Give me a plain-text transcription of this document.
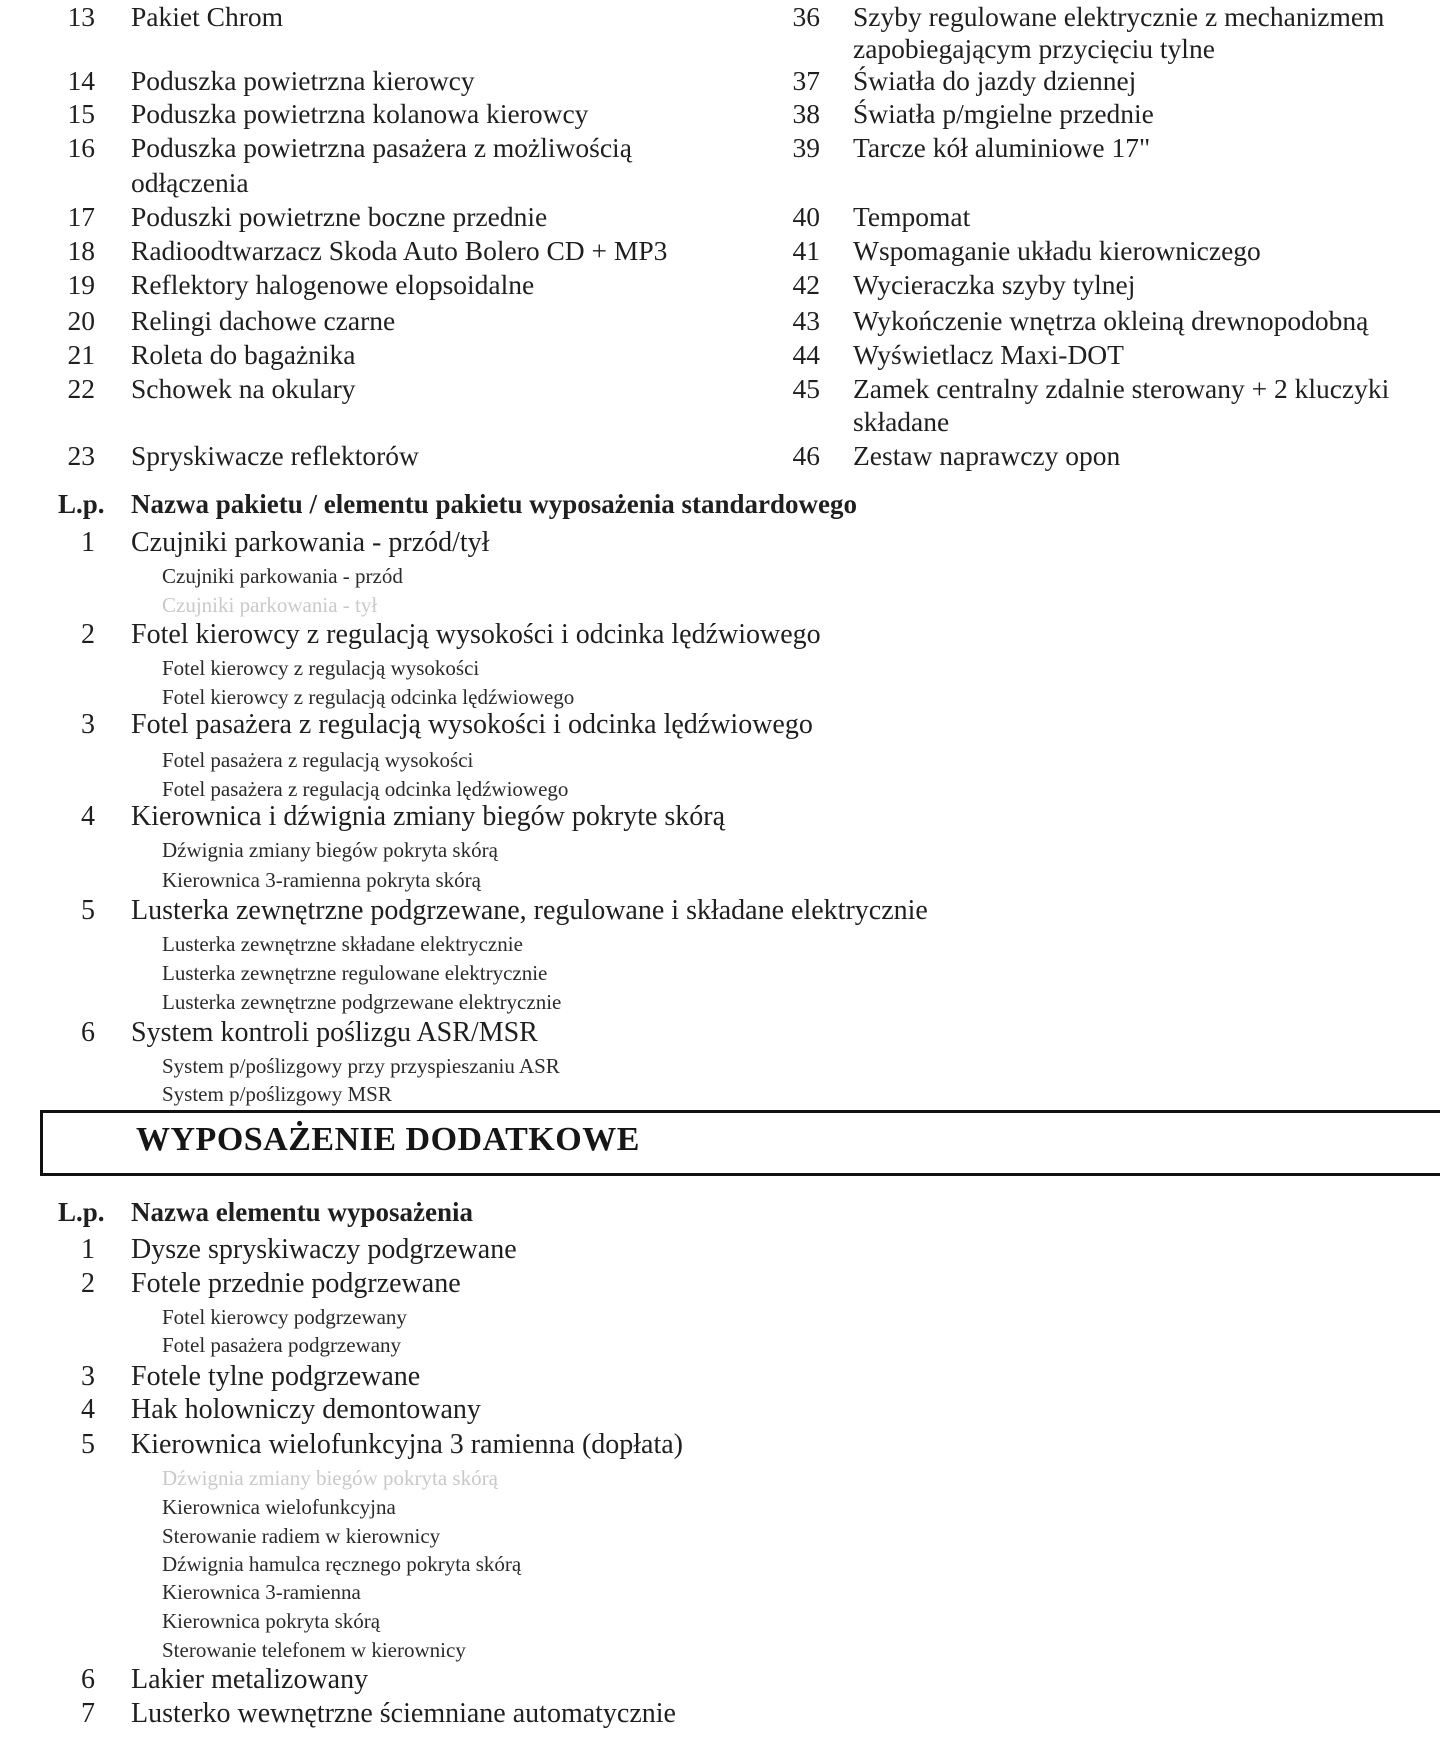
13 Pakiet Chrom
14 Poduszka powietrzna kierowcy
15 Poduszka powietrzna kolanowa kierowcy
16 Poduszka powietrzna pasażera z możliwością
odłączenia
17 Poduszki powietrzne boczne przednie
18 Radioodtwarzacz Skoda Auto Bolero CD + MP3
19 Reflektory halogenowe elopsoidalne
20 Relingi dachowe czarne
21 Roleta do bagażnika
22 Schowek na okulary
23 Spryskiwacze reflektorów
36 Szyby regulowane elektrycznie z mechanizmem
zapobiegającym przycięciu tylne
37 Światła do jazdy dziennej
38 Światła p/mgielne przednie
39 Tarcze kół aluminiowe 17"
40 Tempomat
41 Wspomaganie układu kierowniczego
42 Wycieraczka szyby tylnej
43 Wykończenie wnętrza okleiną drewnopodobną
44 Wyświetlacz Maxi-DOT
45 Zamek centralny zdalnie sterowany + 2 kluczyki
składane
46 Zestaw naprawczy opon
L.p. Nazwa pakietu / elementu pakietu wyposażenia standardowego
1 Czujniki parkowania - przód/tył
Czujniki parkowania - przód
Czujniki parkowania - tył
2 Fotel kierowcy z regulacją wysokości i odcinka lędźwiowego
Fotel kierowcy z regulacją wysokości
Fotel kierowcy z regulacją odcinka lędźwiowego
3 Fotel pasażera z regulacją wysokości i odcinka lędźwiowego
Fotel pasażera z regulacją wysokości
Fotel pasażera z regulacją odcinka lędźwiowego
4 Kierownica i dźwignia zmiany biegów pokryte skórą
Dźwignia zmiany biegów pokryta skórą
Kierownica 3-ramienna pokryta skórą
5 Lusterka zewnętrzne podgrzewane, regulowane i składane elektrycznie
Lusterka zewnętrzne składane elektrycznie
Lusterka zewnętrzne regulowane elektrycznie
Lusterka zewnętrzne podgrzewane elektrycznie
6 System kontroli poślizgu ASR/MSR
System p/poślizgowy przy przyspieszaniu ASR
System p/poślizgowy MSR
WYPOSAŻENIE DODATKOWE
L.p. Nazwa elementu wyposażenia
1 Dysze spryskiwaczy podgrzewane
2 Fotele przednie podgrzewane
Fotel kierowcy podgrzewany
Fotel pasażera podgrzewany
3 Fotele tylne podgrzewane
4 Hak holowniczy demontowany
5 Kierownica wielofunkcyjna 3 ramienna (dopłata)
Dźwignia zmiany biegów pokryta skórą
Kierownica wielofunkcyjna
Sterowanie radiem w kierownicy
Dźwignia hamulca ręcznego pokryta skórą
Kierownica 3-ramienna
Kierownica pokryta skórą
Sterowanie telefonem w kierownicy
6 Lakier metalizowany
7 Lusterko wewnętrzne ściemniane automatycznie
